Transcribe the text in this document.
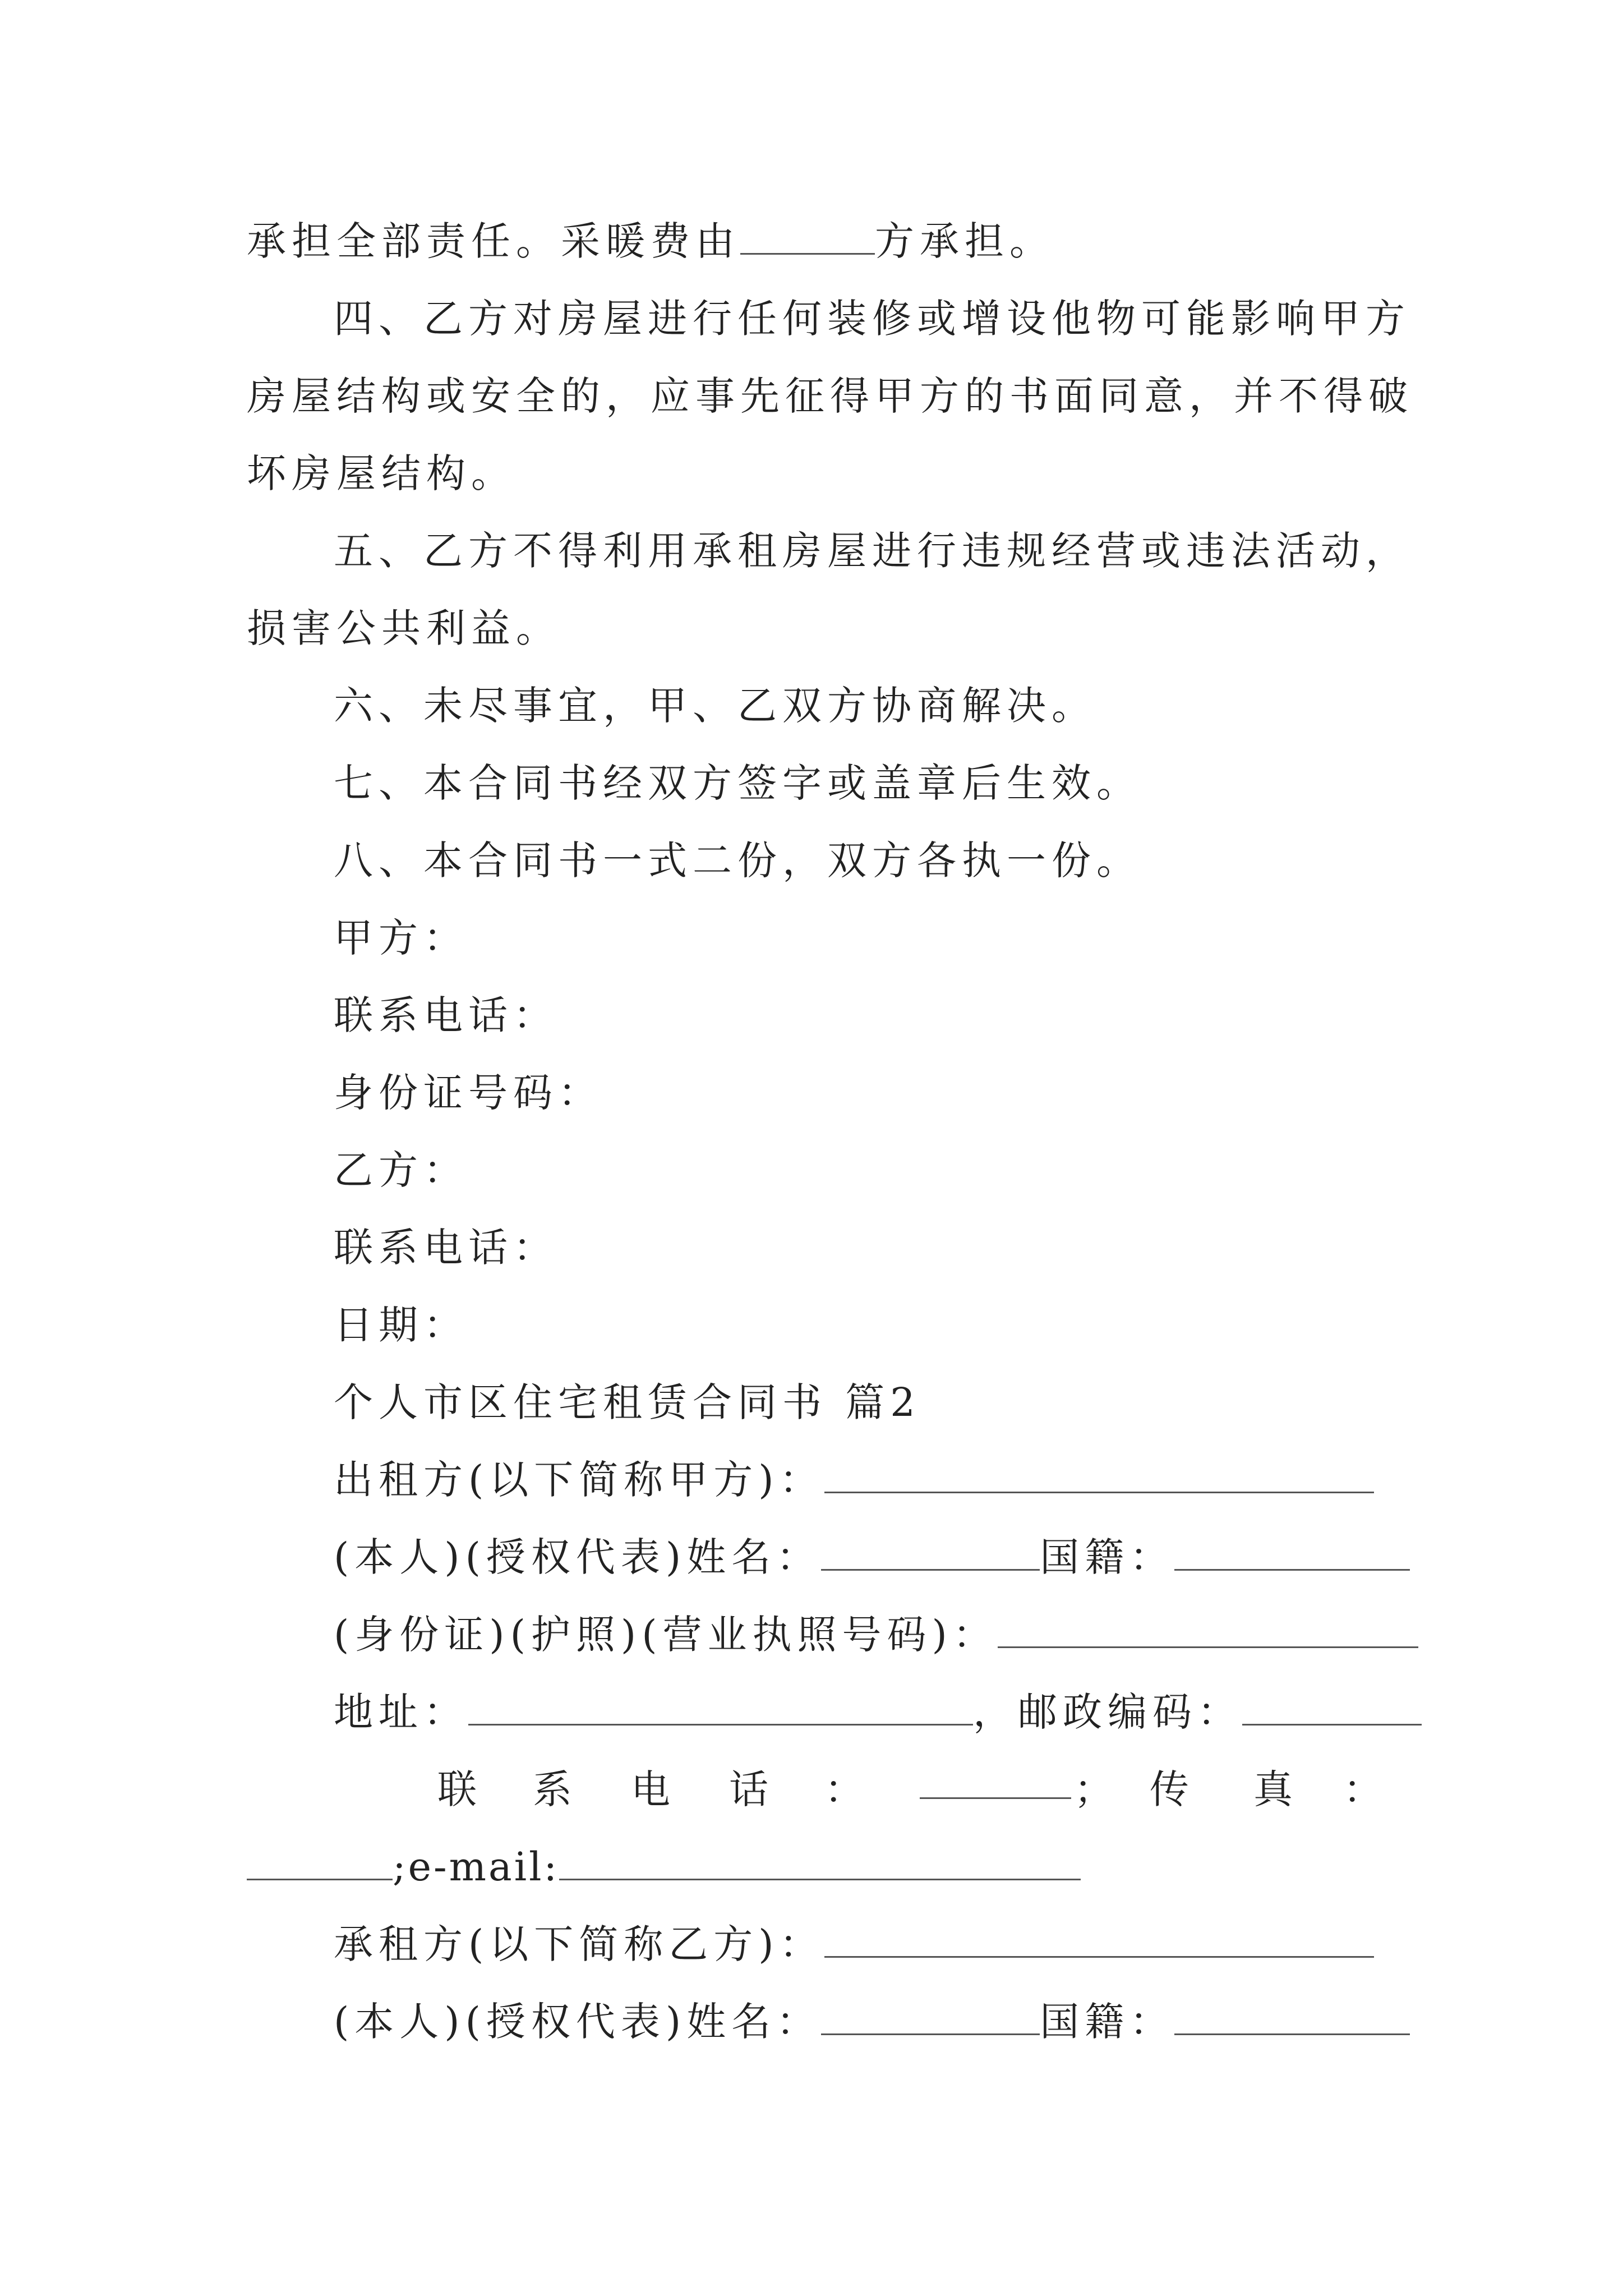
承担全部责任。采暖费由	方承担。
四、乙方对房屋进行任何装修或增设他物可能影响甲方
房屋结构或安全的，应事先征得甲方的书面同意，并不得破
坏房屋结构。
五、乙方不得利用承租房屋进行违规经营或违法活动，
损害公共利益。
六、未尽事宜，甲、乙双方协商解决。
七、本合同书经双方签字或盖章后生效。
八、本合同书一式二份，双方各执一份。
甲方：
联系电话：
身份证号码：
乙方：
联系电话：
日期：
个人市区住宅租赁合同书 篇2
出租方(以下简称甲方)：
(本人)(授权代表)姓名：	国籍：
(身份证)(护照)(营业执照号码)：
地址：	，邮政编码：
联 系 电 话 ：	； 传 真 ：
;e-mail:
承租方(以下简称乙方)：
(本人)(授权代表)姓名：	国籍：
